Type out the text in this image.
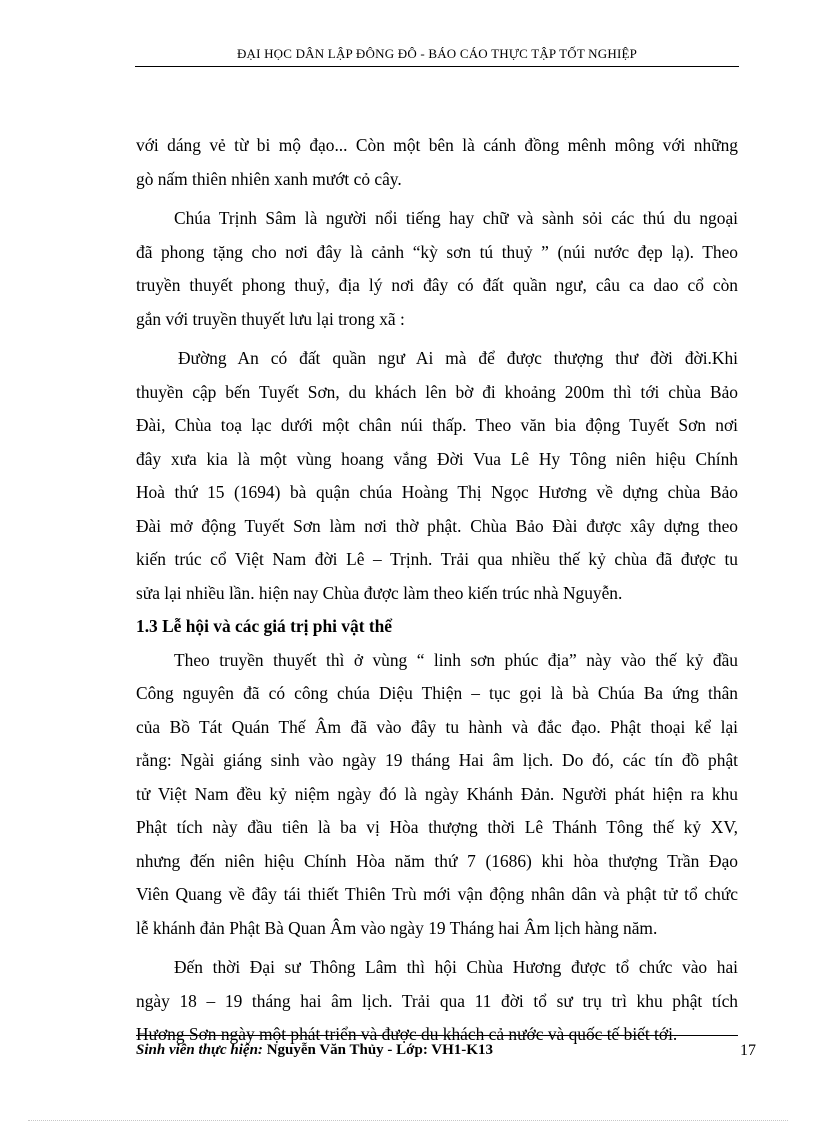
ĐẠI HỌC DÂN LẬP ĐÔNG ĐÔ - BÁO CÁO THỰC TẬP TỐT NGHIỆP
với dáng vẻ từ bi mộ đạo... Còn một bên là cánh đồng mênh mông với những
gò nấm thiên nhiên xanh mướt cỏ cây.
Chúa Trịnh Sâm là người nổi tiếng hay chữ và sành sỏi các thú du ngoại
đã phong tặng cho nơi đây là cảnh “kỳ sơn tú thuỷ ” (núi nước đẹp lạ). Theo
truyền thuyết phong thuỷ, địa lý nơi đây có đất quần ngư, câu ca dao cổ còn
gắn với truyền thuyết lưu lại trong xã :
Đường An có đất quần ngư Ai mà để được thượng thư đời đời.Khi
thuyền cập bến Tuyết Sơn, du khách lên bờ đi khoảng 200m thì tới chùa Bảo
Đài, Chùa toạ lạc dưới một chân núi thấp. Theo văn bia động Tuyết Sơn nơi
đây xưa kia là một vùng hoang vắng Đời Vua Lê Hy Tông niên hiệu Chính
Hoà thứ 15 (1694) bà quận chúa Hoàng Thị Ngọc Hương về dựng chùa Bảo
Đài mở động Tuyết Sơn làm nơi thờ phật. Chùa Bảo Đài được xây dựng theo
kiến trúc cổ Việt Nam đời Lê – Trịnh. Trải qua nhiều thế kỷ chùa đã được tu
sửa lại nhiều lần. hiện nay Chùa được làm theo kiến trúc nhà Nguyễn.
1.3 Lễ hội và các giá trị phi vật thể
Theo truyền thuyết thì ở vùng “ linh sơn phúc địa” này vào thế kỷ đầu
Công nguyên đã có công chúa Diệu Thiện – tục gọi là bà Chúa Ba ứng thân
của Bồ Tát Quán Thế Âm đã vào đây tu hành và đắc đạo. Phật thoại kể lại
rằng: Ngài giáng sinh vào ngày 19 tháng Hai âm lịch. Do đó, các tín đồ phật
tử Việt Nam đều kỷ niệm ngày đó là ngày Khánh Đản. Người phát hiện ra khu
Phật tích này đầu tiên là ba vị Hòa thượng thời Lê Thánh Tông thế kỷ XV,
nhưng đến niên hiệu Chính Hòa năm thứ 7 (1686) khi hòa thượng Trần Đạo
Viên Quang về đây tái thiết Thiên Trù mới vận động nhân dân và phật tử tổ chức
lễ khánh đản Phật Bà Quan Âm vào ngày 19 Tháng hai Âm lịch hàng năm.
Đến thời Đại sư Thông Lâm thì hội Chùa Hương được tổ chức vào hai
ngày 18 – 19 tháng hai âm lịch. Trải qua 11 đời tổ sư trụ trì khu phật tích
Hương Sơn ngày một phát triển và được du khách cả nước và quốc tế biết tới.
Sinh viên thực hiện: Nguyễn Văn Thủy - Lớp: VH1-K13	17
